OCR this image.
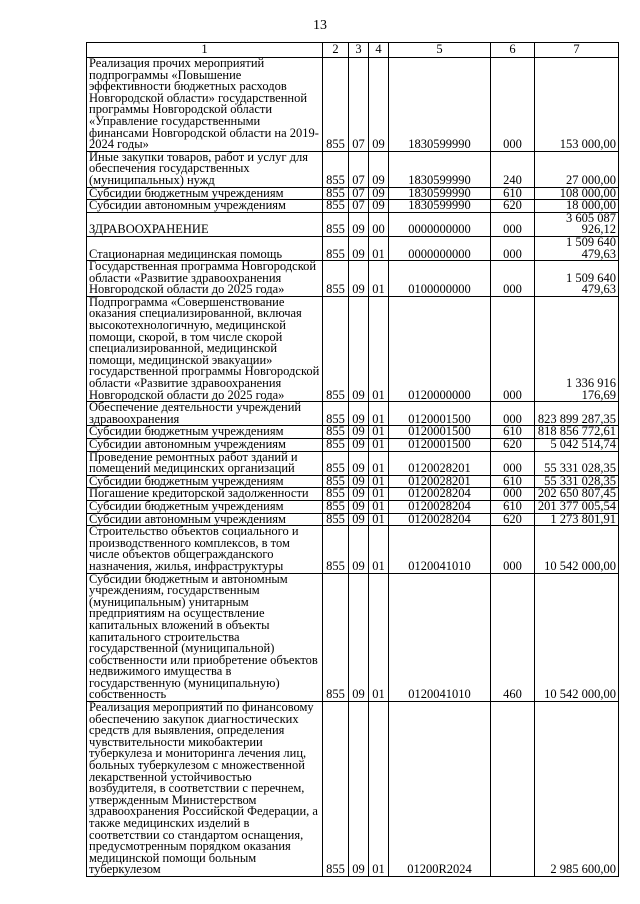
13
1	2	3	4	5	6	7
Реализация прочих мероприятий подпрограммы «Повышение эффективности бюджетных расходов Новгородской области» государственной программы Новгородской области «Управление государственными финансами Новгородской области на 2019-2024 годы»	855	07	09	1830599990	000	153 000,00
Иные закупки товаров, работ и услуг для обеспечения государственных (муниципальных) нужд	855	07	09	1830599990	240	27 000,00
Субсидии бюджетным учреждениям	855	07	09	1830599990	610	108 000,00
Субсидии автономным учреждениям	855	07	09	1830599990	620	18 000,00
ЗДРАВООХРАНЕНИЕ	855	09	00	0000000000	000	3 605 087 926,12
Стационарная медицинская помощь	855	09	01	0000000000	000	1 509 640 479,63
Государственная программа Новгородской области «Развитие здравоохранения Новгородской области до 2025 года»	855	09	01	0100000000	000	1 509 640 479,63
Подпрограмма «Совершенствование оказания специализированной, включая высокотехнологичную, медицинской помощи, скорой, в том числе скорой специализированной, медицинской помощи, медицинской эвакуации» государственной программы Новгородской области «Развитие здравоохранения Новгородской области до 2025 года»	855	09	01	0120000000	000	1 336 916 176,69
Обеспечение деятельности учреждений здравоохранения	855	09	01	0120001500	000	823 899 287,35
Субсидии бюджетным учреждениям	855	09	01	0120001500	610	818 856 772,61
Субсидии автономным учреждениям	855	09	01	0120001500	620	5 042 514,74
Проведение ремонтных работ зданий и помещений медицинских организаций	855	09	01	0120028201	000	55 331 028,35
Субсидии бюджетным учреждениям	855	09	01	0120028201	610	55 331 028,35
Погашение кредиторской задолженности	855	09	01	0120028204	000	202 650 807,45
Субсидии бюджетным учреждениям	855	09	01	0120028204	610	201 377 005,54
Субсидии автономным учреждениям	855	09	01	0120028204	620	1 273 801,91
Строительство объектов социального и производственного комплексов, в том числе объектов общегражданского назначения, жилья, инфраструктуры	855	09	01	0120041010	000	10 542 000,00
Субсидии бюджетным и автономным учреждениям, государственным (муниципальным) унитарным предприятиям на осуществление капитальных вложений в объекты капитального строительства государственной (муниципальной) собственности или приобретение объектов недвижимого имущества в государственную (муниципальную) собственность	855	09	01	0120041010	460	10 542 000,00
Реализация мероприятий по финансовому обеспечению закупок диагностических средств для выявления, определения чувствительности микобактерии туберкулеза и мониторинга лечения лиц, больных туберкулезом с множественной лекарственной устойчивостью возбудителя, в соответствии с перечнем, утвержденным Министерством здравоохранения Российской Федерации, а также медицинских изделий в соответствии со стандартом оснащения, предусмотренным порядком оказания медицинской помощи больным туберкулезом	855	09	01	01200R2024		2 985 600,00
